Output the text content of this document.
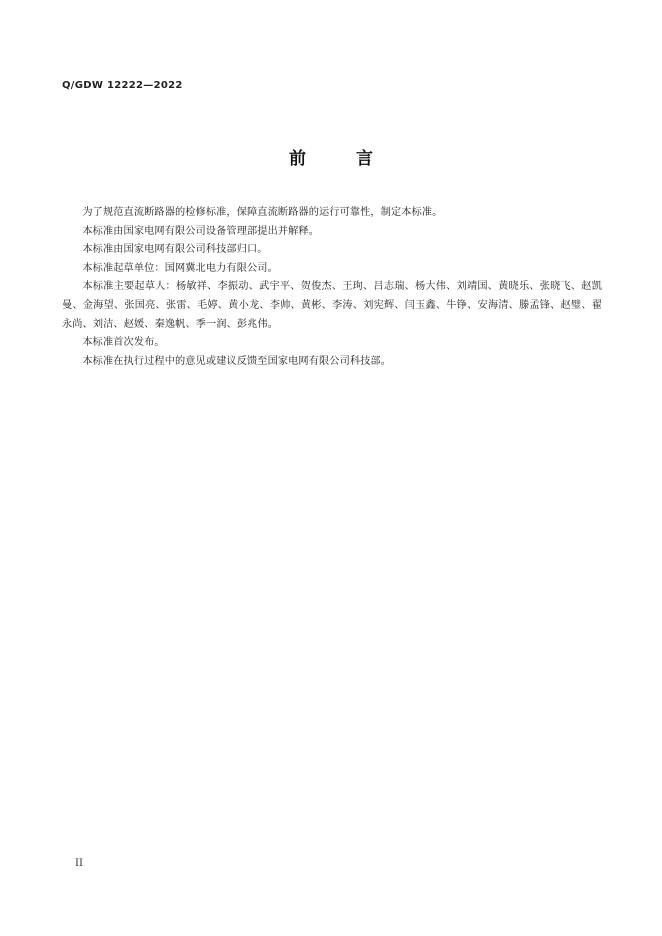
Q/GDW 12222—2022
前 言

为了规范直流断路器的检修标准，保障直流断路器的运行可靠性，制定本标准。

本标准由国家电网有限公司设备管理部提出并解释。

本标准由国家电网有限公司科技部归口。

本标准起草单位：国网冀北电力有限公司。

本标准主要起草人：杨敏祥、李振动、武宇平、贺俊杰、王珣、吕志瑞、杨大伟、刘靖国、黄晓乐、张晓飞、赵凯曼、金海望、张国亮、张雷、毛婷、黄小龙、李帅、黄彬、李涛、刘宪辉、闫玉鑫、牛铮、安海清、滕孟锋、赵璧、翟永尚、刘洁、赵媛、秦逸帆、季一润、彭兆伟。

本标准首次发布。

本标准在执行过程中的意见或建议反馈至国家电网有限公司科技部。

II
